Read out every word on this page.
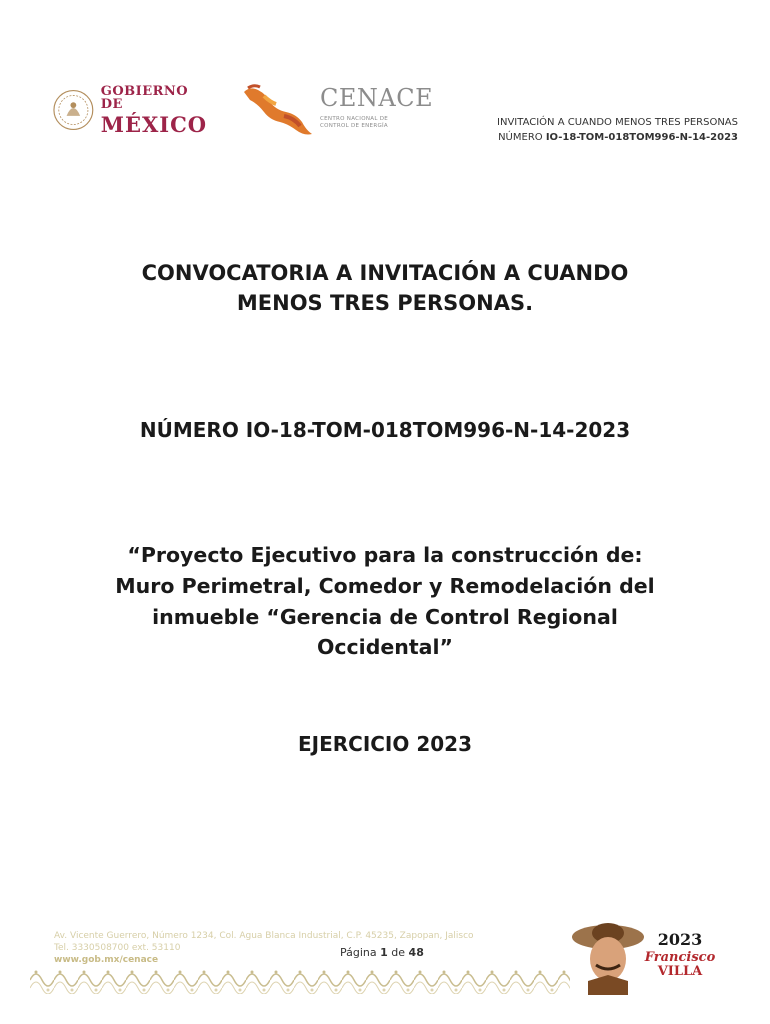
GOBIERNO DE
MÉXICO
CENACE
CENTRO NACIONAL DE
CONTROL DE ENERGÍA	INVITACIÓN A CUANDO MENOS TRES PERSONAS
NÚMERO IO-18-TOM-018TOM996-N-14-2023
CONVOCATORIA A INVITACIÓN A CUANDO
MENOS TRES PERSONAS.
NÚMERO IO-18-TOM-018TOM996-N-14-2023
“Proyecto Ejecutivo para la construcción de:
Muro Perimetral, Comedor y Remodelación del
inmueble “Gerencia de Control Regional
Occidental”
EJERCICIO 2023
Av. Vicente Guerrero, Número 1234, Col. Agua Blanca Industrial, C.P. 45235, Zapopan, Jalisco
Tel. 3330508700 ext. 53110
www.gob.mx/cenace
Página 1 de 48
2023
Francisco
VILLA
